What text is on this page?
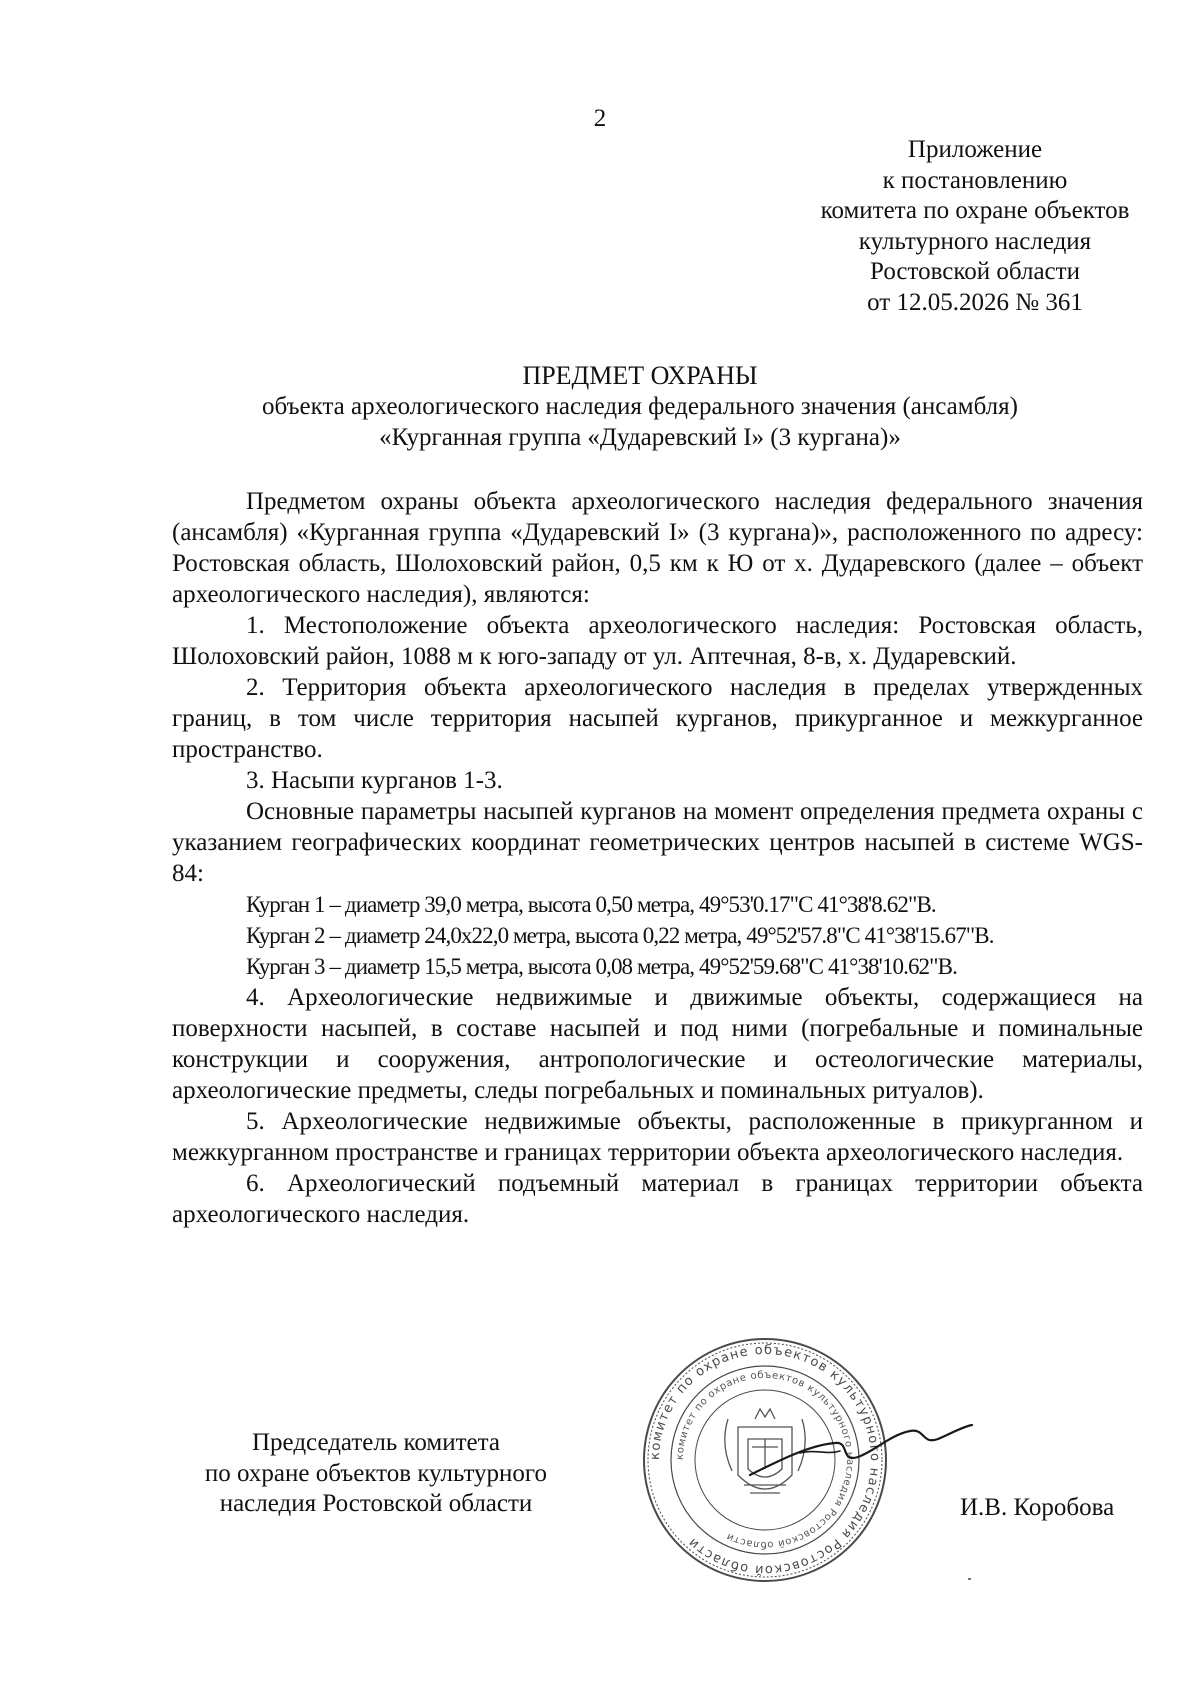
2
Приложение
к постановлению
комитета по охране объектов
культурного наследия
Ростовской области
от 12.05.2026 № 361
ПРЕДМЕТ ОХРАНЫ
объекта археологического наследия федерального значения (ансамбля)
«Курганная группа «Дударевский I» (3 кургана)»

Предметом охраны объекта археологического наследия федерального значения (ансамбля) «Курганная группа «Дударевский I» (3 кургана)», расположенного по адресу: Ростовская область, Шолоховский район, 0,5 км к Ю от х. Дударевского (далее – объект археологического наследия), являются:

1. Местоположение объекта археологического наследия: Ростовская область, Шолоховский район, 1088 м к юго-западу от ул. Аптечная, 8-в, х. Дударевский.

2. Территория объекта археологического наследия в пределах утвержденных границ, в том числе территория насыпей курганов, прикурганное и межкурганное пространство.

3. Насыпи курганов 1-3.

Основные параметры насыпей курганов на момент определения предмета охраны с указанием географических координат геометрических центров насыпей в системе WGS-84:

Курган 1 – диаметр 39,0 метра, высота 0,50 метра, 49°53'0.17"С 41°38'8.62"В.

Курган 2 – диаметр 24,0х22,0 метра, высота 0,22 метра, 49°52'57.8"С 41°38'15.67"В.

Курган 3 – диаметр 15,5 метра, высота 0,08 метра, 49°52'59.68"С 41°38'10.62"В.

4. Археологические недвижимые и движимые объекты, содержащиеся на поверхности насыпей, в составе насыпей и под ними (погребальные и поминальные конструкции и сооружения, антропологические и остеологические материалы, археологические предметы, следы погребальных и поминальных ритуалов).

5. Археологические недвижимые объекты, расположенные в прикурганном и межкурганном пространстве и границах территории объекта археологического наследия.

6. Археологический подъемный материал в границах территории объекта археологического наследия.

Председатель комитета
по охране объектов культурного
наследия Ростовской области
комитет по охране объектов культурного наследия Ростовской области
комитет по охране объектов культурного наследия Ростовской области
И.В. Коробова
